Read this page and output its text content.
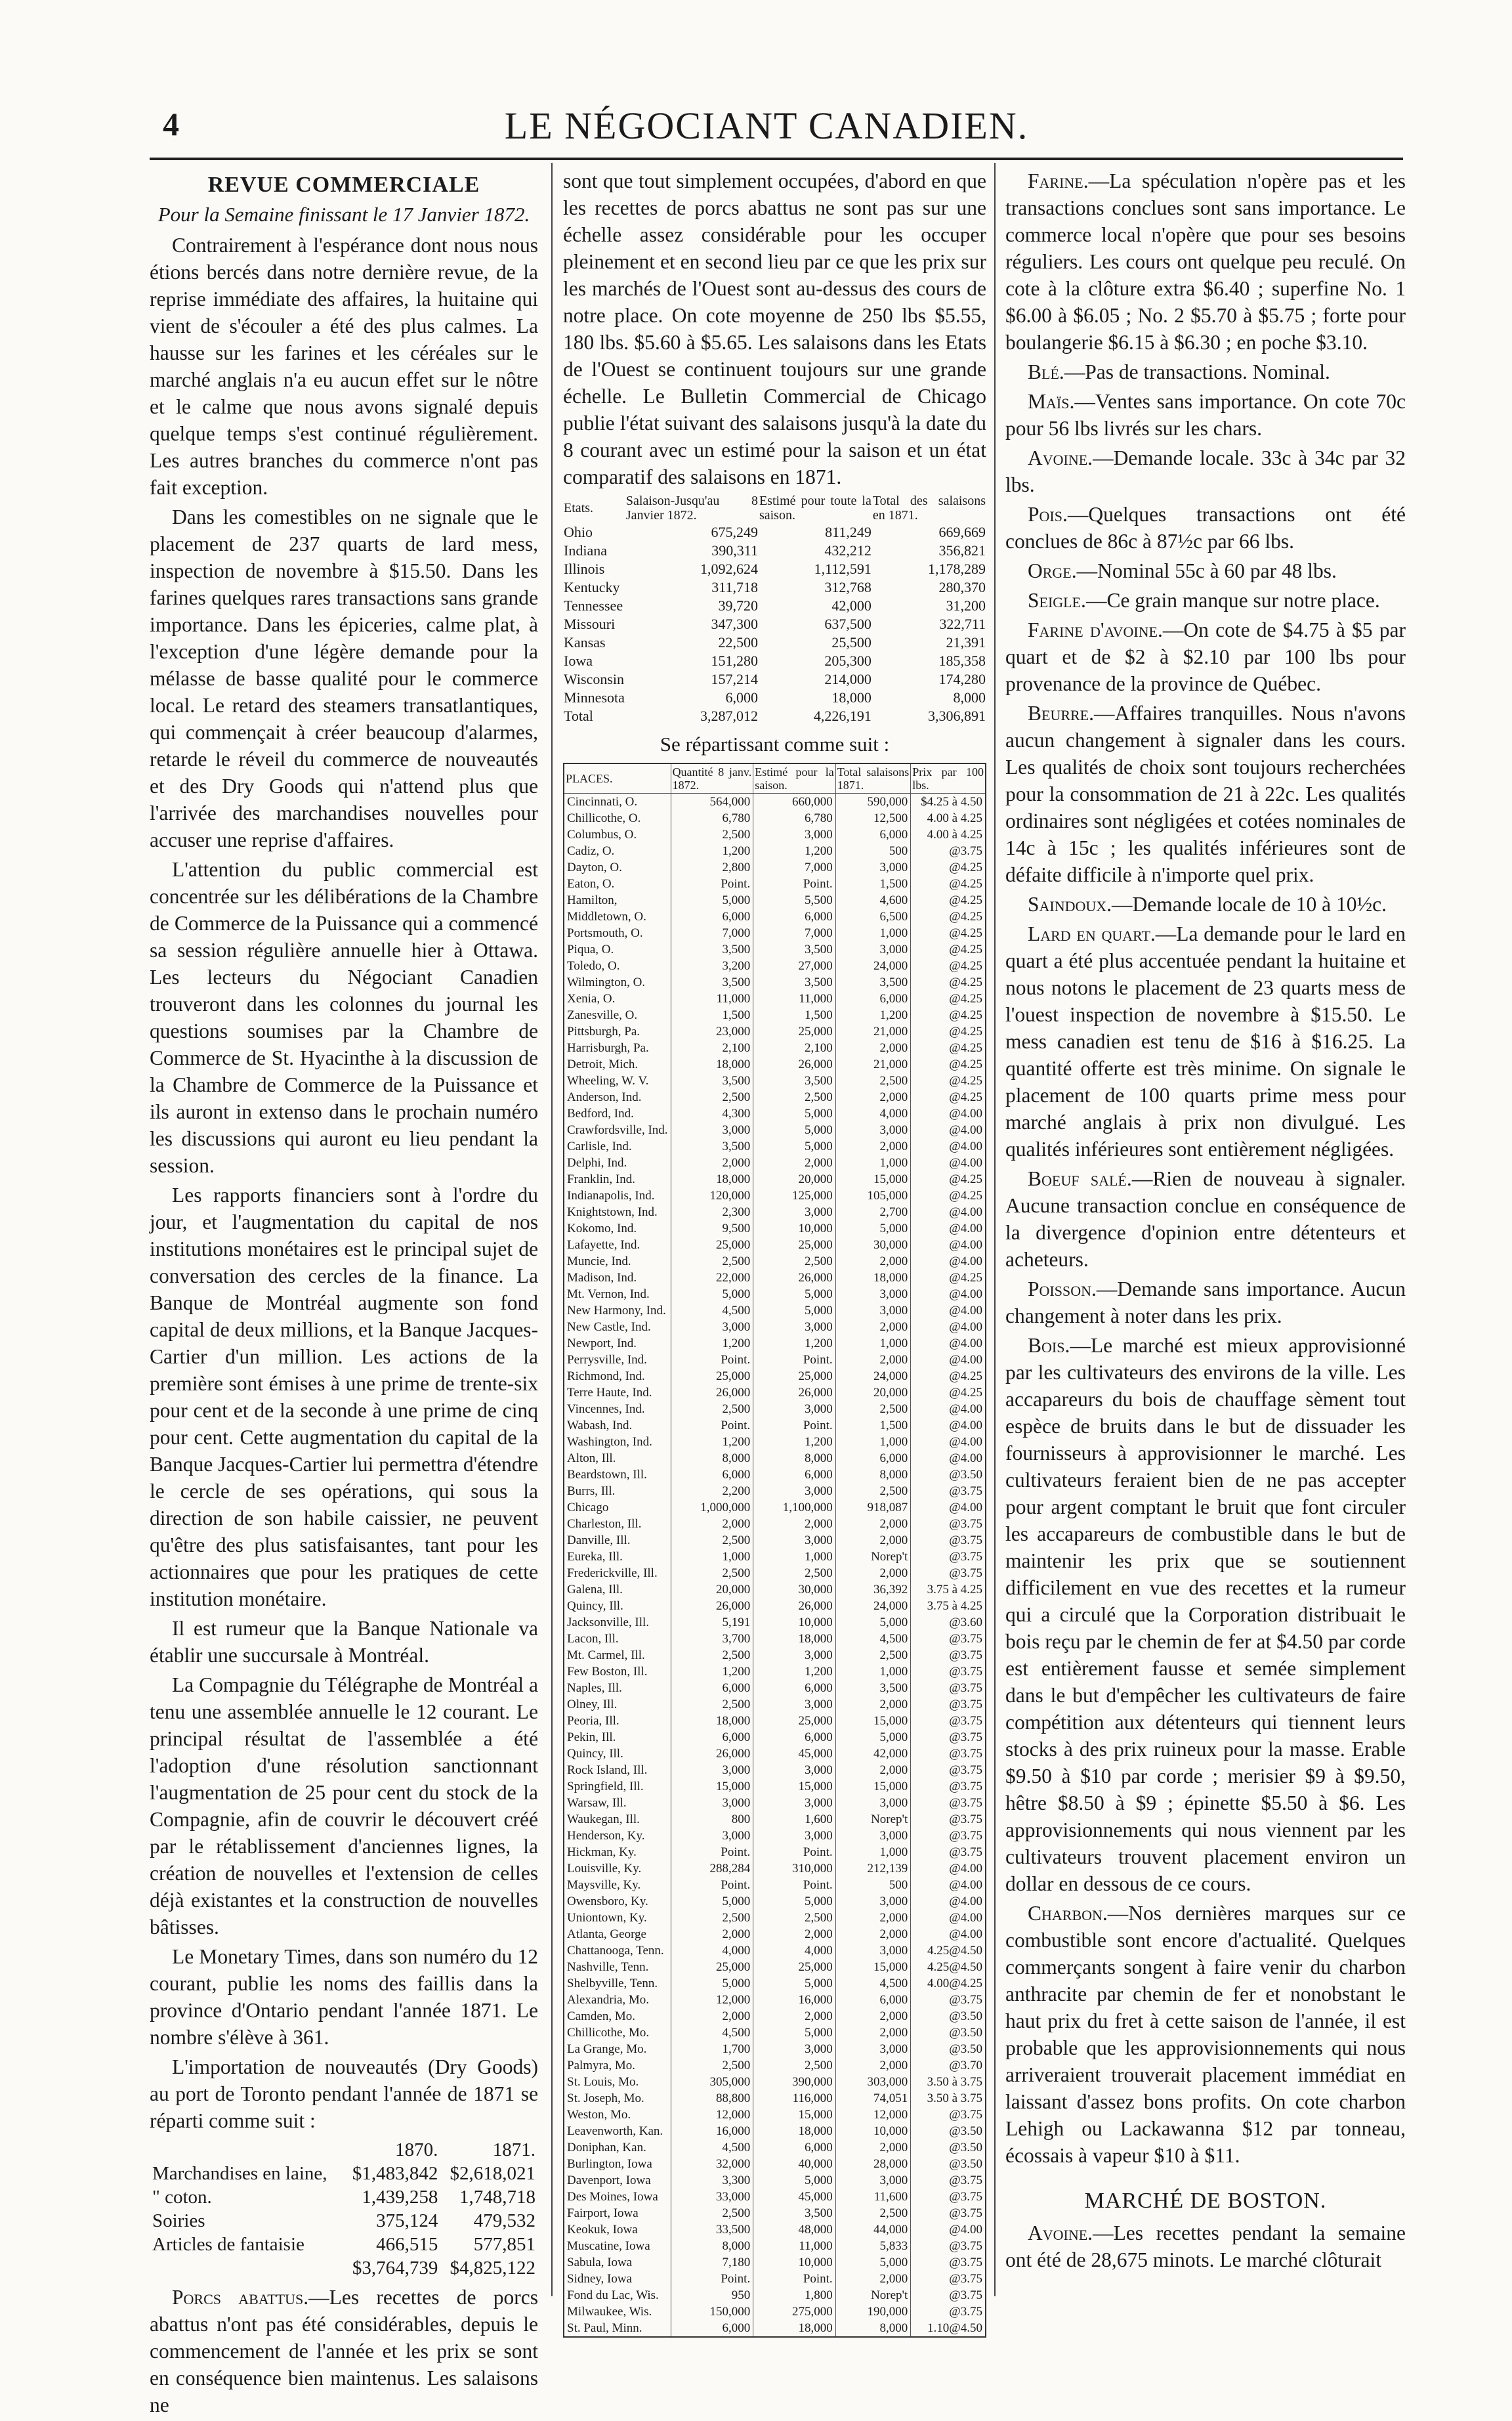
4	LE NÉGOCIANT CANADIEN.
REVUE COMMERCIALE
Pour la Semaine finissant le 17 Janvier 1872.

Contrairement à l'espérance dont nous nous étions bercés dans notre dernière revue, de la reprise immédiate des affaires, la huitaine qui vient de s'écouler a été des plus calmes. La hausse sur les farines et les céréales sur le marché anglais n'a eu aucun effet sur le nôtre et le calme que nous avons signalé depuis quelque temps s'est continué régulièrement. Les autres branches du commerce n'ont pas fait exception.

Dans les comestibles on ne signale que le placement de 237 quarts de lard mess, inspection de novembre à $15.50. Dans les farines quelques rares transactions sans grande importance. Dans les épiceries, calme plat, à l'exception d'une légère demande pour la mélasse de basse qualité pour le commerce local. Le retard des steamers transatlantiques, qui commençait à créer beaucoup d'alarmes, retarde le réveil du commerce de nouveautés et des Dry Goods qui n'attend plus que l'arrivée des marchandises nouvelles pour accuser une reprise d'affaires.

L'attention du public commercial est concentrée sur les délibérations de la Chambre de Commerce de la Puissance qui a commencé sa session régulière annuelle hier à Ottawa. Les lecteurs du Négociant Canadien trouveront dans les colonnes du journal les questions soumises par la Chambre de Commerce de St. Hyacinthe à la discussion de la Chambre de Commerce de la Puissance et ils auront in extenso dans le prochain numéro les discussions qui auront eu lieu pendant la session.

Les rapports financiers sont à l'ordre du jour, et l'augmentation du capital de nos institutions monétaires est le principal sujet de conversation des cercles de la finance. La Banque de Montréal augmente son fond capital de deux millions, et la Banque Jacques-Cartier d'un million. Les actions de la première sont émises à une prime de trente-six pour cent et de la seconde à une prime de cinq pour cent. Cette augmentation du capital de la Banque Jacques-Cartier lui permettra d'étendre le cercle de ses opérations, qui sous la direction de son habile caissier, ne peuvent qu'être des plus satisfaisantes, tant pour les actionnaires que pour les pratiques de cette institution monétaire.

Il est rumeur que la Banque Nationale va établir une succursale à Montréal.

La Compagnie du Télégraphe de Montréal a tenu une assemblée annuelle le 12 courant. Le principal résultat de l'assemblée a été l'adoption d'une résolution sanctionnant l'augmentation de 25 pour cent du stock de la Compagnie, afin de couvrir le découvert créé par le rétablissement d'anciennes lignes, la création de nouvelles et l'extension de celles déjà existantes et la construction de nouvelles bâtisses.

Le Monetary Times, dans son numéro du 12 courant, publie les noms des faillis dans la province d'Ontario pendant l'année 1871. Le nombre s'élève à 361.

L'importation de nouveautés (Dry Goods) au port de Toronto pendant l'année de 1871 se réparti comme suit :

	1870.	1871.
Marchandises en laine,	$1,483,842	$2,618,021
" coton.	1,439,258	1,748,718
Soiries	375,124	479,532
Articles de fantaisie	466,515	577,851
	$3,764,739	$4,825,122

Porcs abattus.—Les recettes de porcs abattus n'ont pas été considérables, depuis le commencement de l'année et les prix se sont en conséquence bien maintenus. Les salaisons ne

sont que tout simplement occupées, d'abord en que les recettes de porcs abattus ne sont pas sur une échelle assez considérable pour les occuper pleinement et en second lieu par ce que les prix sur les marchés de l'Ouest sont au-dessus des cours de notre place. On cote moyenne de 250 lbs $5.55, 180 lbs. $5.60 à $5.65. Les salaisons dans les Etats de l'Ouest se continuent toujours sur une grande échelle. Le Bulletin Commercial de Chicago publie l'état suivant des salaisons jusqu'à la date du 8 courant avec un estimé pour la saison et un état comparatif des salaisons en 1871.

Etats.	Salaison-Jusqu'au 8 Janvier 1872.	Estimé pour toute la saison.	Total des salaisons en 1871.
Ohio	675,249	811,249	669,669
Indiana	390,311	432,212	356,821
Illinois	1,092,624	1,112,591	1,178,289
Kentucky	311,718	312,768	280,370
Tennessee	39,720	42,000	31,200
Missouri	347,300	637,500	322,711
Kansas	22,500	25,500	21,391
Iowa	151,280	205,300	185,358
Wisconsin	157,214	214,000	174,280
Minnesota	6,000	18,000	8,000
Total	3,287,012	4,226,191	3,306,891
Se répartissant comme suit :
PLACES.	Quantité 8 janv. 1872.	Estimé pour la saison.	Total salaisons 1871.	Prix par 100 lbs.
Cincinnati, O.	564,000	660,000	590,000	$4.25 à 4.50
Chillicothe, O.	6,780	6,780	12,500	4.00 à 4.25
Columbus, O.	2,500	3,000	6,000	4.00 à 4.25
Cadiz, O.	1,200	1,200	500	@3.75
Dayton, O.	2,800	7,000	3,000	@4.25
Eaton, O.	Point.	Point.	1,500	@4.25
Hamilton,	5,000	5,500	4,600	@4.25
Middletown, O.	6,000	6,000	6,500	@4.25
Portsmouth, O.	7,000	7,000	1,000	@4.25
Piqua, O.	3,500	3,500	3,000	@4.25
Toledo, O.	3,200	27,000	24,000	@4.25
Wilmington, O.	3,500	3,500	3,500	@4.25
Xenia, O.	11,000	11,000	6,000	@4.25
Zanesville, O.	1,500	1,500	1,200	@4.25
Pittsburgh, Pa.	23,000	25,000	21,000	@4.25
Harrisburgh, Pa.	2,100	2,100	2,000	@4.25
Detroit, Mich.	18,000	26,000	21,000	@4.25
Wheeling, W. V.	3,500	3,500	2,500	@4.25
Anderson, Ind.	2,500	2,500	2,000	@4.25
Bedford, Ind.	4,300	5,000	4,000	@4.00
Crawfordsville, Ind.	3,000	5,000	3,000	@4.00
Carlisle, Ind.	3,500	5,000	2,000	@4.00
Delphi, Ind.	2,000	2,000	1,000	@4.00
Franklin, Ind.	18,000	20,000	15,000	@4.25
Indianapolis, Ind.	120,000	125,000	105,000	@4.25
Knightstown, Ind.	2,300	3,000	2,700	@4.00
Kokomo, Ind.	9,500	10,000	5,000	@4.00
Lafayette, Ind.	25,000	25,000	30,000	@4.00
Muncie, Ind.	2,500	2,500	2,000	@4.00
Madison, Ind.	22,000	26,000	18,000	@4.25
Mt. Vernon, Ind.	5,000	5,000	3,000	@4.00
New Harmony, Ind.	4,500	5,000	3,000	@4.00
New Castle, Ind.	3,000	3,000	2,000	@4.00
Newport, Ind.	1,200	1,200	1,000	@4.00
Perrysville, Ind.	Point.	Point.	2,000	@4.00
Richmond, Ind.	25,000	25,000	24,000	@4.25
Terre Haute, Ind.	26,000	26,000	20,000	@4.25
Vincennes, Ind.	2,500	3,000	2,500	@4.00
Wabash, Ind.	Point.	Point.	1,500	@4.00
Washington, Ind.	1,200	1,200	1,000	@4.00
Alton, Ill.	8,000	8,000	6,000	@4.00
Beardstown, Ill.	6,000	6,000	8,000	@3.50
Burrs, Ill.	2,200	3,000	2,500	@3.75
Chicago	1,000,000	1,100,000	918,087	@4.00
Charleston, Ill.	2,000	2,000	2,000	@3.75
Danville, Ill.	2,500	3,000	2,000	@3.75
Eureka, Ill.	1,000	1,000	Norep't	@3.75
Frederickville, Ill.	2,500	2,500	2,000	@3.75
Galena, Ill.	20,000	30,000	36,392	3.75 à 4.25
Quincy, Ill.	26,000	26,000	24,000	3.75 à 4.25
Jacksonville, Ill.	5,191	10,000	5,000	@3.60
Lacon, Ill.	3,700	18,000	4,500	@3.75
Mt. Carmel, Ill.	2,500	3,000	2,500	@3.75
Few Boston, Ill.	1,200	1,200	1,000	@3.75
Naples, Ill.	6,000	6,000	3,500	@3.75
Olney, Ill.	2,500	3,000	2,000	@3.75
Peoria, Ill.	18,000	25,000	15,000	@3.75
Pekin, Ill.	6,000	6,000	5,000	@3.75
Quincy, Ill.	26,000	45,000	42,000	@3.75
Rock Island, Ill.	3,000	3,000	2,000	@3.75
Springfield, Ill.	15,000	15,000	15,000	@3.75
Warsaw, Ill.	3,000	3,000	3,000	@3.75
Waukegan, Ill.	800	1,600	Norep't	@3.75
Henderson, Ky.	3,000	3,000	3,000	@3.75
Hickman, Ky.	Point.	Point.	1,000	@3.75
Louisville, Ky.	288,284	310,000	212,139	@4.00
Maysville, Ky.	Point.	Point.	500	@4.00
Owensboro, Ky.	5,000	5,000	3,000	@4.00
Uniontown, Ky.	2,500	2,500	2,000	@4.00
Atlanta, George	2,000	2,000	2,000	@4.00
Chattanooga, Tenn.	4,000	4,000	3,000	4.25@4.50
Nashville, Tenn.	25,000	25,000	15,000	4.25@4.50
Shelbyville, Tenn.	5,000	5,000	4,500	4.00@4.25
Alexandria, Mo.	12,000	16,000	6,000	@3.75
Camden, Mo.	2,000	2,000	2,000	@3.50
Chillicothe, Mo.	4,500	5,000	2,000	@3.50
La Grange, Mo.	1,700	3,000	3,000	@3.50
Palmyra, Mo.	2,500	2,500	2,000	@3.70
St. Louis, Mo.	305,000	390,000	303,000	3.50 à 3.75
St. Joseph, Mo.	88,800	116,000	74,051	3.50 à 3.75
Weston, Mo.	12,000	15,000	12,000	@3.75
Leavenworth, Kan.	16,000	18,000	10,000	@3.50
Doniphan, Kan.	4,500	6,000	2,000	@3.50
Burlington, Iowa	32,000	40,000	28,000	@3.50
Davenport, Iowa	3,300	5,000	3,000	@3.75
Des Moines, Iowa	33,000	45,000	11,600	@3.75
Fairport, Iowa	2,500	3,500	2,500	@3.75
Keokuk, Iowa	33,500	48,000	44,000	@4.00
Muscatine, Iowa	8,000	11,000	5,833	@3.75
Sabula, Iowa	7,180	10,000	5,000	@3.75
Sidney, Iowa	Point.	Point.	2,000	@3.75
Fond du Lac, Wis.	950	1,800	Norep't	@3.75
Milwaukee, Wis.	150,000	275,000	190,000	@3.75
St. Paul, Minn.	6,000	18,000	8,000	1.10@4.50

Farine.—La spéculation n'opère pas et les transactions conclues sont sans importance. Le commerce local n'opère que pour ses besoins réguliers. Les cours ont quelque peu reculé. On cote à la clôture extra $6.40 ; superfine No. 1 $6.00 à $6.05 ; No. 2 $5.70 à $5.75 ; forte pour boulangerie $6.15 à $6.30 ; en poche $3.10.

Blé.—Pas de transactions. Nominal.

Maïs.—Ventes sans importance. On cote 70c pour 56 lbs livrés sur les chars.

Avoine.—Demande locale. 33c à 34c par 32 lbs.

Pois.—Quelques transactions ont été conclues de 86c à 87½c par 66 lbs.

Orge.—Nominal 55c à 60 par 48 lbs.

Seigle.—Ce grain manque sur notre place.

Farine d'avoine.—On cote de $4.75 à $5 par quart et de $2 à $2.10 par 100 lbs pour provenance de la province de Québec.

Beurre.—Affaires tranquilles. Nous n'avons aucun changement à signaler dans les cours. Les qualités de choix sont toujours recherchées pour la consommation de 21 à 22c. Les qualités ordinaires sont négligées et cotées nominales de 14c à 15c ; les qualités inférieures sont de défaite difficile à n'importe quel prix.

Saindoux.—Demande locale de 10 à 10½c.

Lard en quart.—La demande pour le lard en quart a été plus accentuée pendant la huitaine et nous notons le placement de 23 quarts mess de l'ouest inspection de novembre à $15.50. Le mess canadien est tenu de $16 à $16.25. La quantité offerte est très minime. On signale le placement de 100 quarts prime mess pour marché anglais à prix non divulgué. Les qualités inférieures sont entièrement négligées.

Boeuf salé.—Rien de nouveau à signaler. Aucune transaction conclue en conséquence de la divergence d'opinion entre détenteurs et acheteurs.

Poisson.—Demande sans importance. Aucun changement à noter dans les prix.

Bois.—Le marché est mieux approvisionné par les cultivateurs des environs de la ville. Les accapareurs du bois de chauffage sèment tout espèce de bruits dans le but de dissuader les fournisseurs à approvisionner le marché. Les cultivateurs feraient bien de ne pas accepter pour argent comptant le bruit que font circuler les accapareurs de combustible dans le but de maintenir les prix que se soutiennent difficilement en vue des recettes et la rumeur qui a circulé que la Corporation distribuait le bois reçu par le chemin de fer at $4.50 par corde est entièrement fausse et semée simplement dans le but d'empêcher les cultivateurs de faire compétition aux détenteurs qui tiennent leurs stocks à des prix ruineux pour la masse. Erable $9.50 à $10 par corde ; merisier $9 à $9.50, hêtre $8.50 à $9 ; épinette $5.50 à $6. Les approvisionnements qui nous viennent par les cultivateurs trouvent placement environ un dollar en dessous de ce cours.

Charbon.—Nos dernières marques sur ce combustible sont encore d'actualité. Quelques commerçants songent à faire venir du charbon anthracite par chemin de fer et nonobstant le haut prix du fret à cette saison de l'année, il est probable que les approvisionnements qui nous arriveraient trouverait placement immédiat en laissant d'assez bons profits. On cote charbon Lehigh ou Lackawanna $12 par tonneau, écossais à vapeur $10 à $11.

MARCHÉ DE BOSTON.

Avoine.—Les recettes pendant la semaine ont été de 28,675 minots. Le marché clôturait
